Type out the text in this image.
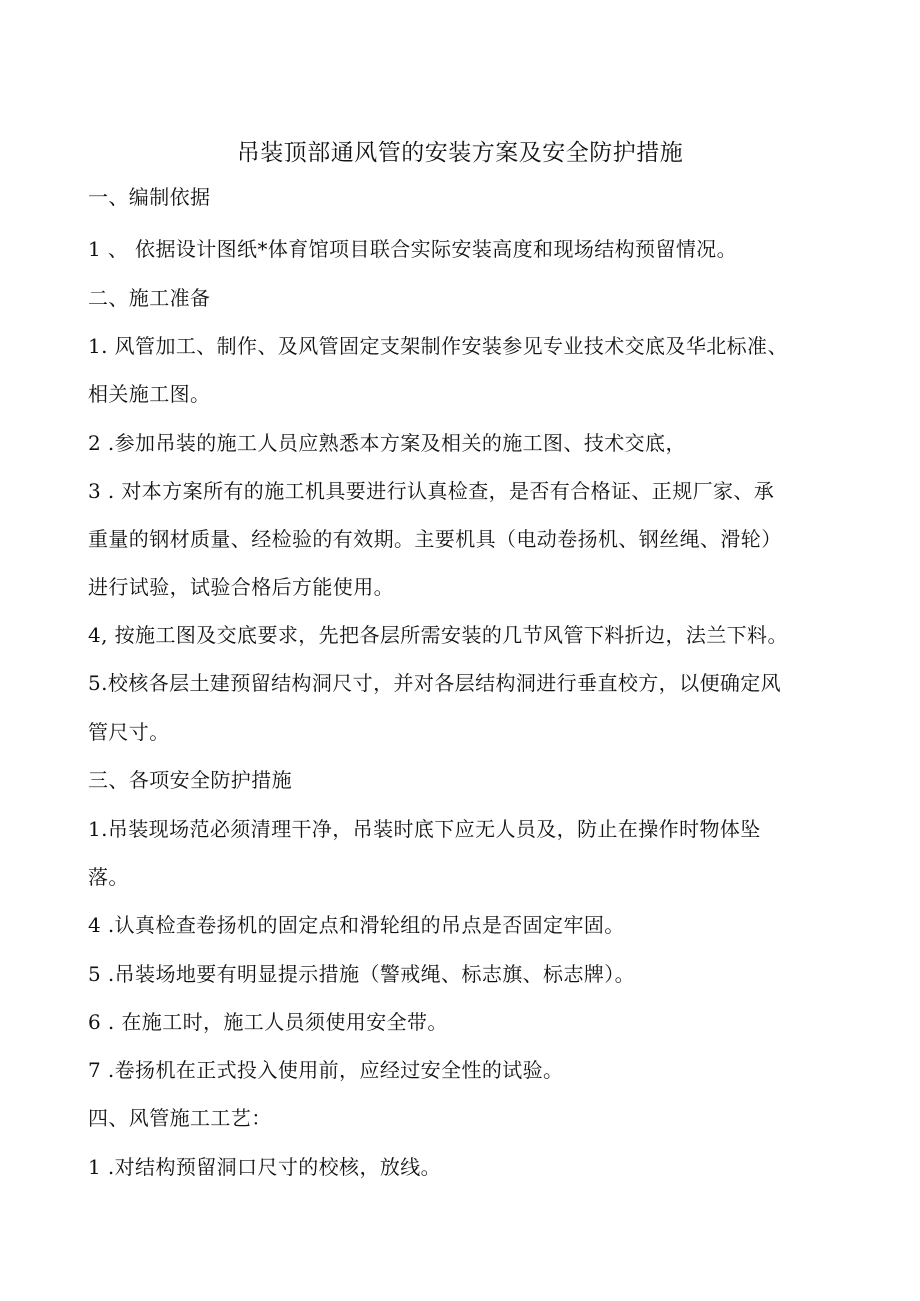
吊装顶部通风管的安装方案及安全防护措施
一、编制依据
1 、 依据设计图纸*体育馆项目联合实际安装高度和现场结构预留情况。
二、施工准备
1. 风管加工、制作、及风管固定支架制作安装参见专业技术交底及华北标准、
相关施工图。
2 .参加吊装的施工人员应熟悉本方案及相关的施工图、技术交底，
3 . 对本方案所有的施工机具要进行认真检查，是否有合格证、正规厂家、承
重量的钢材质量、经检验的有效期。主要机具（电动卷扬机、钢丝绳、滑轮）
进行试验，试验合格后方能使用。
4, 按施工图及交底要求，先把各层所需安装的几节风管下料折边，法兰下料。
5.校核各层土建预留结构洞尺寸，并对各层结构洞进行垂直校方，以便确定风
管尺寸。
三、各项安全防护措施
1.吊装现场范必须清理干净，吊装时底下应无人员及，防止在操作时物体坠
落。
4 .认真检查卷扬机的固定点和滑轮组的吊点是否固定牢固。
5 .吊装场地要有明显提示措施（警戒绳、标志旗、标志牌）。
6 . 在施工时，施工人员须使用安全带。
7 .卷扬机在正式投入使用前，应经过安全性的试验。
四、风管施工工艺：
1 .对结构预留洞口尺寸的校核，放线。
